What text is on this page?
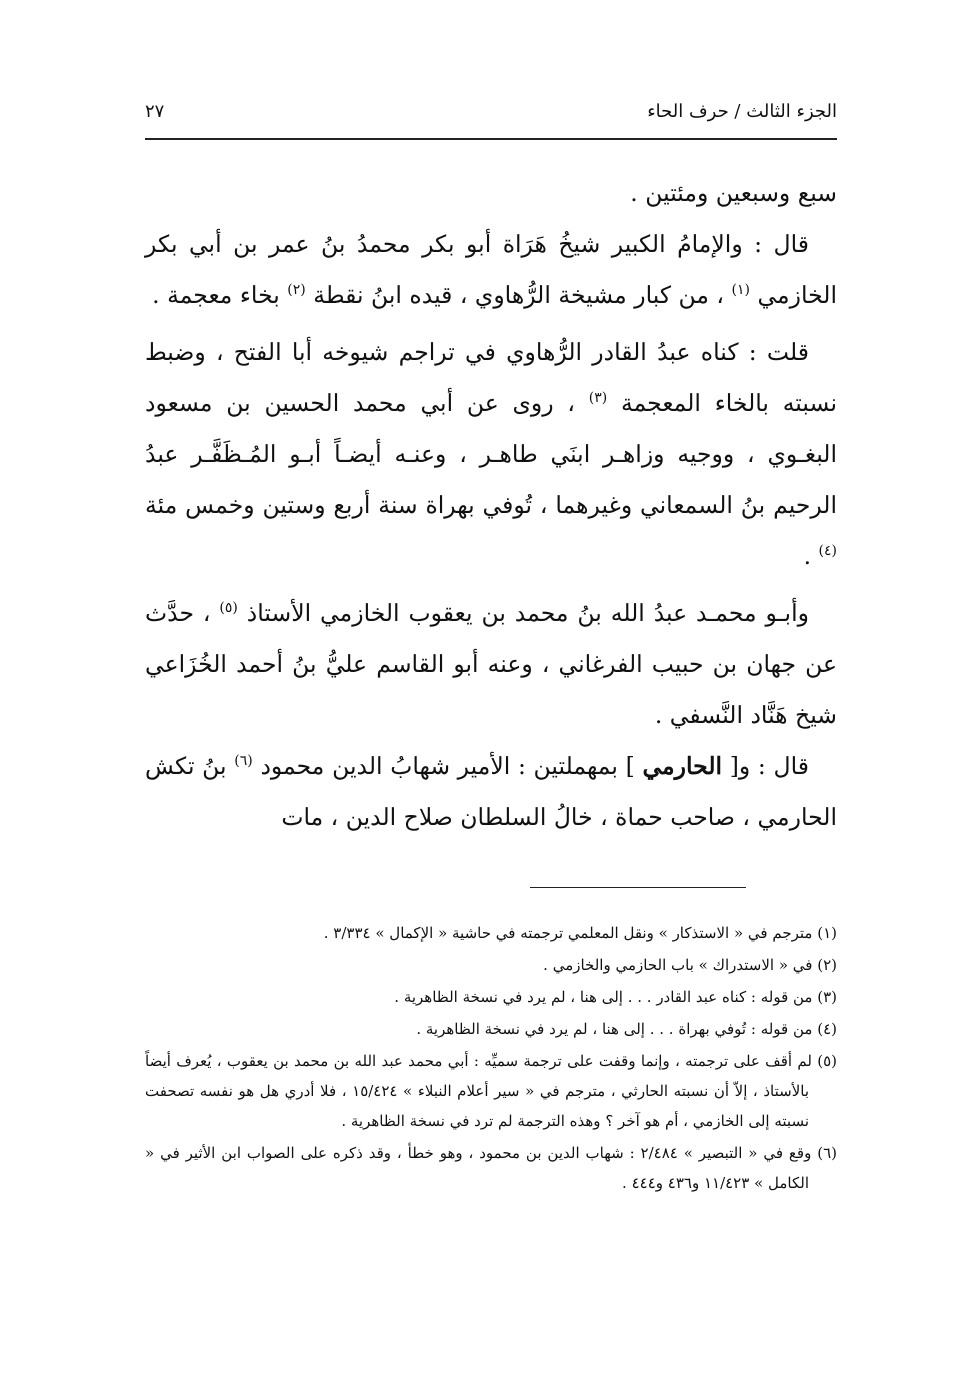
الجزء الثالث / حرف الحاء
٢٧

سبع وسبعين ومئتين .

قال : والإمامُ الكبير شيخُ هَرَاة أبو بكر محمدُ بنُ عمر بن أبي بكر الخازمي $^{(١)}$ ، من كبار مشيخة الرُّهاوي ، قيده ابنُ نقطة $^{(٢)}$ بخاء معجمة .

قلت : كناه عبدُ القادر الرُّهاوي في تراجم شيوخه أبا الفتح ، وضبط نسبته بالخاء المعجمة $^{(٣)}$ ، روى عن أبي محمد الحسين بن مسعود البغـوي ، ووجيه وزاهـر ابنَي طاهـر ، وعنـه أيضـاً أبـو المُـظَفَّـر عبدُ الرحيم بنُ السمعاني وغيرهما ، تُوفي بهراة سنة أربع وستين وخمس مئة $^{(٤)}$ .

وأبـو محمـد عبدُ الله بنُ محمد بن يعقوب الخازمي الأستاذ $^{(٥)}$ ، حدَّث عن جهان بن حبيب الفرغاني ، وعنه أبو القاسم عليُّ بنُ أحمد الخُزَاعي شيخ هَنَّاد النَّسفي .

قال : و[ الحارمي ] بمهملتين : الأمير شهابُ الدين محمود $^{(٦)}$ بنُ تكش الحارمي ، صاحب حماة ، خالُ السلطان صلاح الدين ، مات

(١) مترجم في « الاستذكار » ونقل المعلمي ترجمته في حاشية « الإكمال » ٣/٣٣٤ .

(٢) في « الاستدراك » باب الحازمي والخازمي .

(٣) من قوله : كناه عبد القادر . . . إلى هنا ، لم يرد في نسخة الظاهرية .

(٤) من قوله : تُوفي بهراة . . . إلى هنا ، لم يرد في نسخة الظاهرية .

(٥) لم أقف على ترجمته ، وإنما وقفت على ترجمة سميِّه : أبي محمد عبد الله بن محمد بن يعقوب ، يُعرف أيضاً بالأستاذ ، إلاّ أن نسبته الحارثي ، مترجم في « سير أعلام النبلاء » ١٥/٤٢٤ ، فلا أدري هل هو نفسه تصحفت نسبته إلى الخازمي ، أم هو آخر ؟ وهذه الترجمة لم ترد في نسخة الظاهرية .

(٦) وقع في « التبصير » ٢/٤٨٤ : شهاب الدين بن محمود ، وهو خطأ ، وقد ذكره على الصواب ابن الأثير في « الكامل » ١١/٤٢٣ و٤٣٦ و٤٤٤ .
